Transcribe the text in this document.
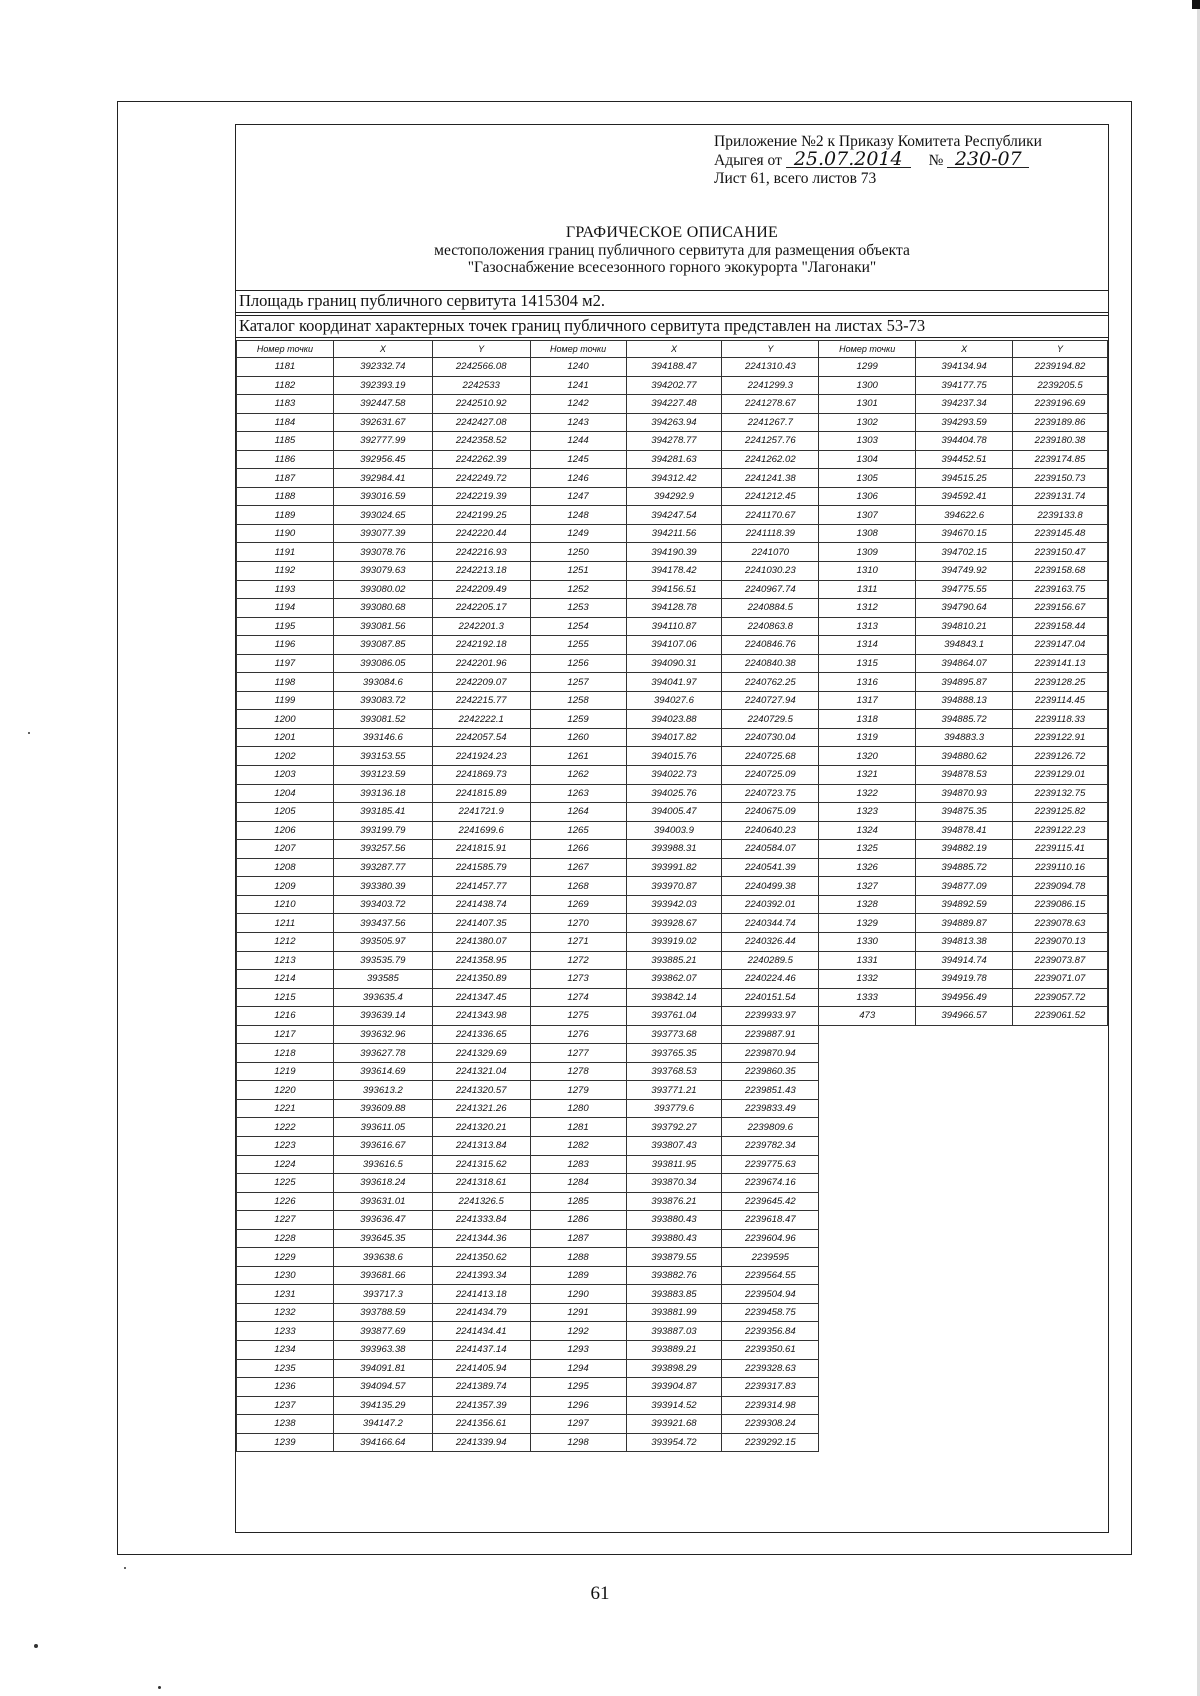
Приложение №2 к Приказу Комитета Республики
Адыгея от 25.07.2014 № 230-07
Лист 61, всего листов 73
ГРАФИЧЕСКОЕ ОПИСАНИЕ
местоположения границ публичного сервитута для размещения объекта
"Газоснабжение всесезонного горного экокурорта "Лагонаки"
Площадь границ публичного сервитута 1415304 м2.
Каталог координат характерных точек границ публичного сервитута представлен на листах 53-73
Номер точки	X	Y	Номер точки	X	Y	Номер точки	X	Y
1181	392332.74	2242566.08	1240	394188.47	2241310.43	1299	394134.94	2239194.82
1182	392393.19	2242533	1241	394202.77	2241299.3	1300	394177.75	2239205.5
1183	392447.58	2242510.92	1242	394227.48	2241278.67	1301	394237.34	2239196.69
1184	392631.67	2242427.08	1243	394263.94	2241267.7	1302	394293.59	2239189.86
1185	392777.99	2242358.52	1244	394278.77	2241257.76	1303	394404.78	2239180.38
1186	392956.45	2242262.39	1245	394281.63	2241262.02	1304	394452.51	2239174.85
1187	392984.41	2242249.72	1246	394312.42	2241241.38	1305	394515.25	2239150.73
1188	393016.59	2242219.39	1247	394292.9	2241212.45	1306	394592.41	2239131.74
1189	393024.65	2242199.25	1248	394247.54	2241170.67	1307	394622.6	2239133.8
1190	393077.39	2242220.44	1249	394211.56	2241118.39	1308	394670.15	2239145.48
1191	393078.76	2242216.93	1250	394190.39	2241070	1309	394702.15	2239150.47
1192	393079.63	2242213.18	1251	394178.42	2241030.23	1310	394749.92	2239158.68
1193	393080.02	2242209.49	1252	394156.51	2240967.74	1311	394775.55	2239163.75
1194	393080.68	2242205.17	1253	394128.78	2240884.5	1312	394790.64	2239156.67
1195	393081.56	2242201.3	1254	394110.87	2240863.8	1313	394810.21	2239158.44
1196	393087.85	2242192.18	1255	394107.06	2240846.76	1314	394843.1	2239147.04
1197	393086.05	2242201.96	1256	394090.31	2240840.38	1315	394864.07	2239141.13
1198	393084.6	2242209.07	1257	394041.97	2240762.25	1316	394895.87	2239128.25
1199	393083.72	2242215.77	1258	394027.6	2240727.94	1317	394888.13	2239114.45
1200	393081.52	2242222.1	1259	394023.88	2240729.5	1318	394885.72	2239118.33
1201	393146.6	2242057.54	1260	394017.82	2240730.04	1319	394883.3	2239122.91
1202	393153.55	2241924.23	1261	394015.76	2240725.68	1320	394880.62	2239126.72
1203	393123.59	2241869.73	1262	394022.73	2240725.09	1321	394878.53	2239129.01
1204	393136.18	2241815.89	1263	394025.76	2240723.75	1322	394870.93	2239132.75
1205	393185.41	2241721.9	1264	394005.47	2240675.09	1323	394875.35	2239125.82
1206	393199.79	2241699.6	1265	394003.9	2240640.23	1324	394878.41	2239122.23
1207	393257.56	2241815.91	1266	393988.31	2240584.07	1325	394882.19	2239115.41
1208	393287.77	2241585.79	1267	393991.82	2240541.39	1326	394885.72	2239110.16
1209	393380.39	2241457.77	1268	393970.87	2240499.38	1327	394877.09	2239094.78
1210	393403.72	2241438.74	1269	393942.03	2240392.01	1328	394892.59	2239086.15
1211	393437.56	2241407.35	1270	393928.67	2240344.74	1329	394889.87	2239078.63
1212	393505.97	2241380.07	1271	393919.02	2240326.44	1330	394813.38	2239070.13
1213	393535.79	2241358.95	1272	393885.21	2240289.5	1331	394914.74	2239073.87
1214	393585	2241350.89	1273	393862.07	2240224.46	1332	394919.78	2239071.07
1215	393635.4	2241347.45	1274	393842.14	2240151.54	1333	394956.49	2239057.72
1216	393639.14	2241343.98	1275	393761.04	2239933.97	473	394966.57	2239061.52
1217	393632.96	2241336.65	1276	393773.68	2239887.91			
1218	393627.78	2241329.69	1277	393765.35	2239870.94			
1219	393614.69	2241321.04	1278	393768.53	2239860.35			
1220	393613.2	2241320.57	1279	393771.21	2239851.43			
1221	393609.88	2241321.26	1280	393779.6	2239833.49			
1222	393611.05	2241320.21	1281	393792.27	2239809.6			
1223	393616.67	2241313.84	1282	393807.43	2239782.34			
1224	393616.5	2241315.62	1283	393811.95	2239775.63			
1225	393618.24	2241318.61	1284	393870.34	2239674.16			
1226	393631.01	2241326.5	1285	393876.21	2239645.42			
1227	393636.47	2241333.84	1286	393880.43	2239618.47			
1228	393645.35	2241344.36	1287	393880.43	2239604.96			
1229	393638.6	2241350.62	1288	393879.55	2239595			
1230	393681.66	2241393.34	1289	393882.76	2239564.55			
1231	393717.3	2241413.18	1290	393883.85	2239504.94			
1232	393788.59	2241434.79	1291	393881.99	2239458.75			
1233	393877.69	2241434.41	1292	393887.03	2239356.84			
1234	393963.38	2241437.14	1293	393889.21	2239350.61			
1235	394091.81	2241405.94	1294	393898.29	2239328.63			
1236	394094.57	2241389.74	1295	393904.87	2239317.83			
1237	394135.29	2241357.39	1296	393914.52	2239314.98			
1238	394147.2	2241356.61	1297	393921.68	2239308.24			
1239	394166.64	2241339.94	1298	393954.72	2239292.15			
61
